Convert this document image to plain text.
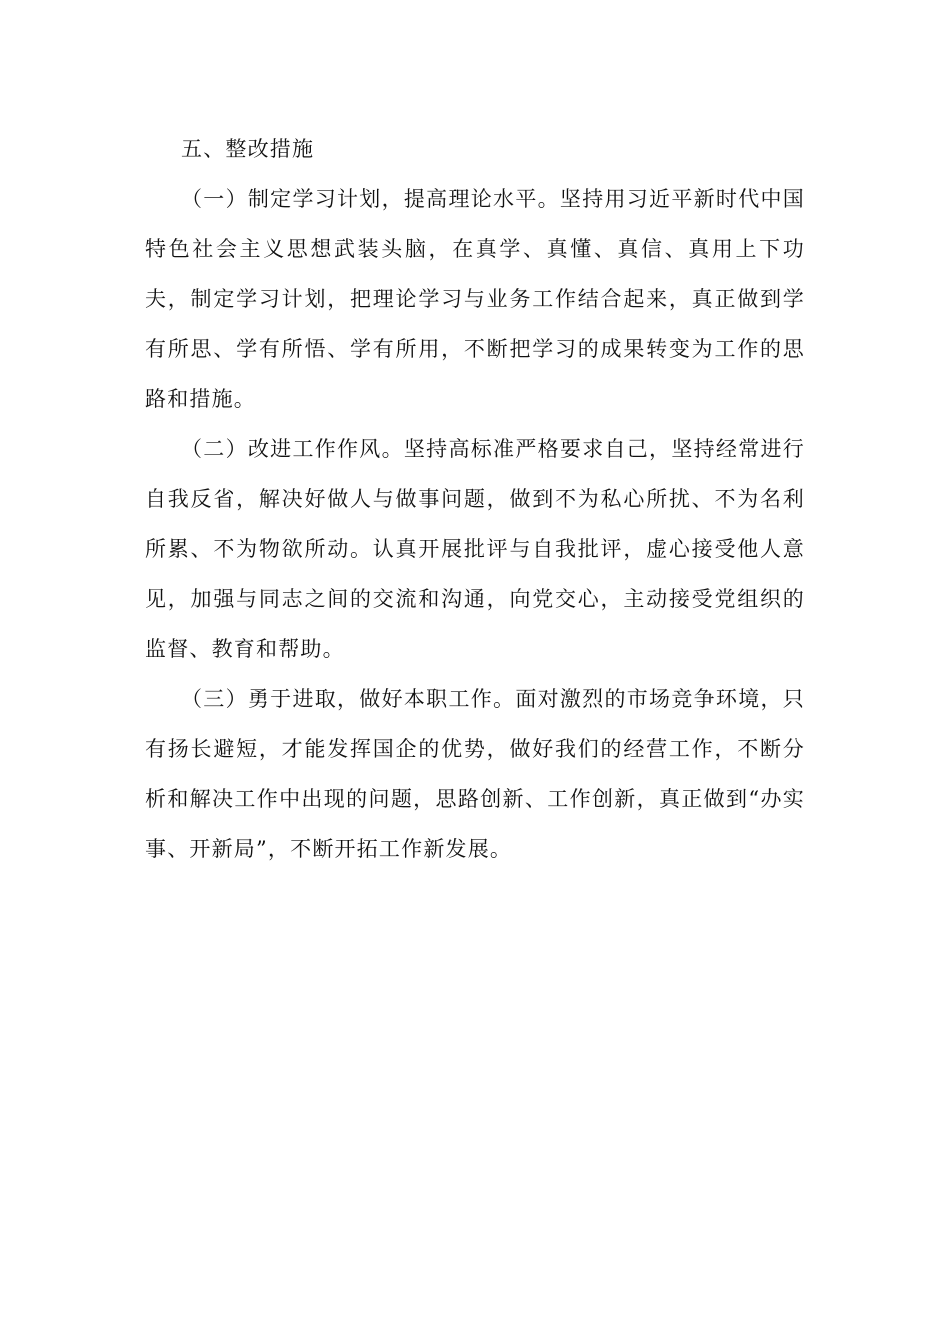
五、整改措施

（一）制定学习计划，提高理论水平。坚持用习近平新时代中国特色社会主义思想武装头脑，在真学、真懂、真信、真用上下功夫，制定学习计划，把理论学习与业务工作结合起来，真正做到学有所思、学有所悟、学有所用，不断把学习的成果转变为工作的思路和措施。

（二）改进工作作风。坚持高标准严格要求自己，坚持经常进行自我反省，解决好做人与做事问题，做到不为私心所扰、不为名利所累、不为物欲所动。认真开展批评与自我批评，虚心接受他人意见，加强与同志之间的交流和沟通，向党交心，主动接受党组织的监督、教育和帮助。

（三）勇于进取，做好本职工作。面对激烈的市场竞争环境，只有扬长避短，才能发挥国企的优势，做好我们的经营工作，不断分析和解决工作中出现的问题，思路创新、工作创新，真正做到“办实事、开新局”，不断开拓工作新发展。
